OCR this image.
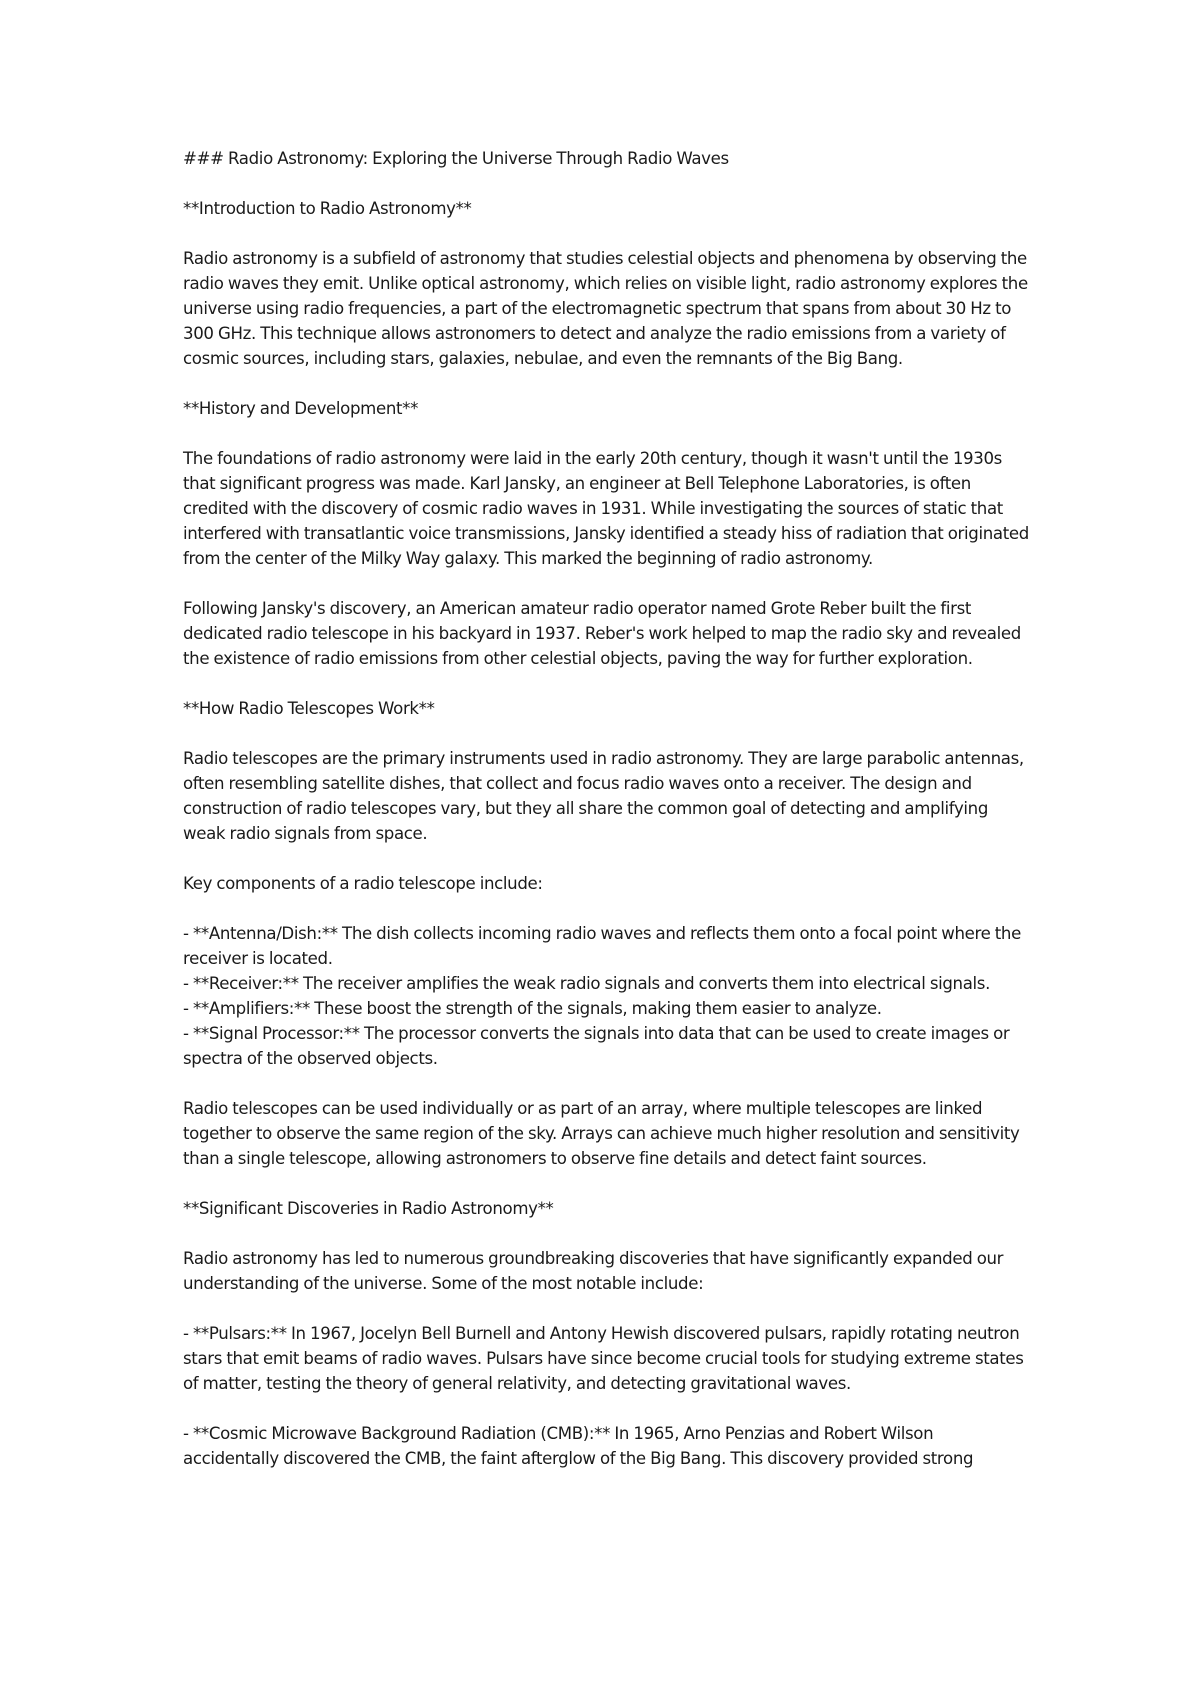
### Radio Astronomy: Exploring the Universe Through Radio Waves

**Introduction to Radio Astronomy**

Radio astronomy is a subfield of astronomy that studies celestial objects and phenomena by observing the radio waves they emit. Unlike optical astronomy, which relies on visible light, radio astronomy explores the universe using radio frequencies, a part of the electromagnetic spectrum that spans from about 30 Hz to 300 GHz. This technique allows astronomers to detect and analyze the radio emissions from a variety of cosmic sources, including stars, galaxies, nebulae, and even the remnants of the Big Bang.

**History and Development**

The foundations of radio astronomy were laid in the early 20th century, though it wasn't until the 1930s that significant progress was made. Karl Jansky, an engineer at Bell Telephone Laboratories, is often credited with the discovery of cosmic radio waves in 1931. While investigating the sources of static that interfered with transatlantic voice transmissions, Jansky identified a steady hiss of radiation that originated from the center of the Milky Way galaxy. This marked the beginning of radio astronomy.

Following Jansky's discovery, an American amateur radio operator named Grote Reber built the first dedicated radio telescope in his backyard in 1937. Reber's work helped to map the radio sky and revealed the existence of radio emissions from other celestial objects, paving the way for further exploration.

**How Radio Telescopes Work**

Radio telescopes are the primary instruments used in radio astronomy. They are large parabolic antennas, often resembling satellite dishes, that collect and focus radio waves onto a receiver. The design and construction of radio telescopes vary, but they all share the common goal of detecting and amplifying weak radio signals from space.

Key components of a radio telescope include:

- **Antenna/Dish:** The dish collects incoming radio waves and reflects them onto a focal point where the receiver is located.

- **Receiver:** The receiver amplifies the weak radio signals and converts them into electrical signals.

- **Amplifiers:** These boost the strength of the signals, making them easier to analyze.

- **Signal Processor:** The processor converts the signals into data that can be used to create images or spectra of the observed objects.

Radio telescopes can be used individually or as part of an array, where multiple telescopes are linked together to observe the same region of the sky. Arrays can achieve much higher resolution and sensitivity than a single telescope, allowing astronomers to observe fine details and detect faint sources.

**Significant Discoveries in Radio Astronomy**

Radio astronomy has led to numerous groundbreaking discoveries that have significantly expanded our understanding of the universe. Some of the most notable include:

- **Pulsars:** In 1967, Jocelyn Bell Burnell and Antony Hewish discovered pulsars, rapidly rotating neutron stars that emit beams of radio waves. Pulsars have since become crucial tools for studying extreme states of matter, testing the theory of general relativity, and detecting gravitational waves.

- **Cosmic Microwave Background Radiation (CMB):** In 1965, Arno Penzias and Robert Wilson accidentally discovered the CMB, the faint afterglow of the Big Bang. This discovery provided strong
